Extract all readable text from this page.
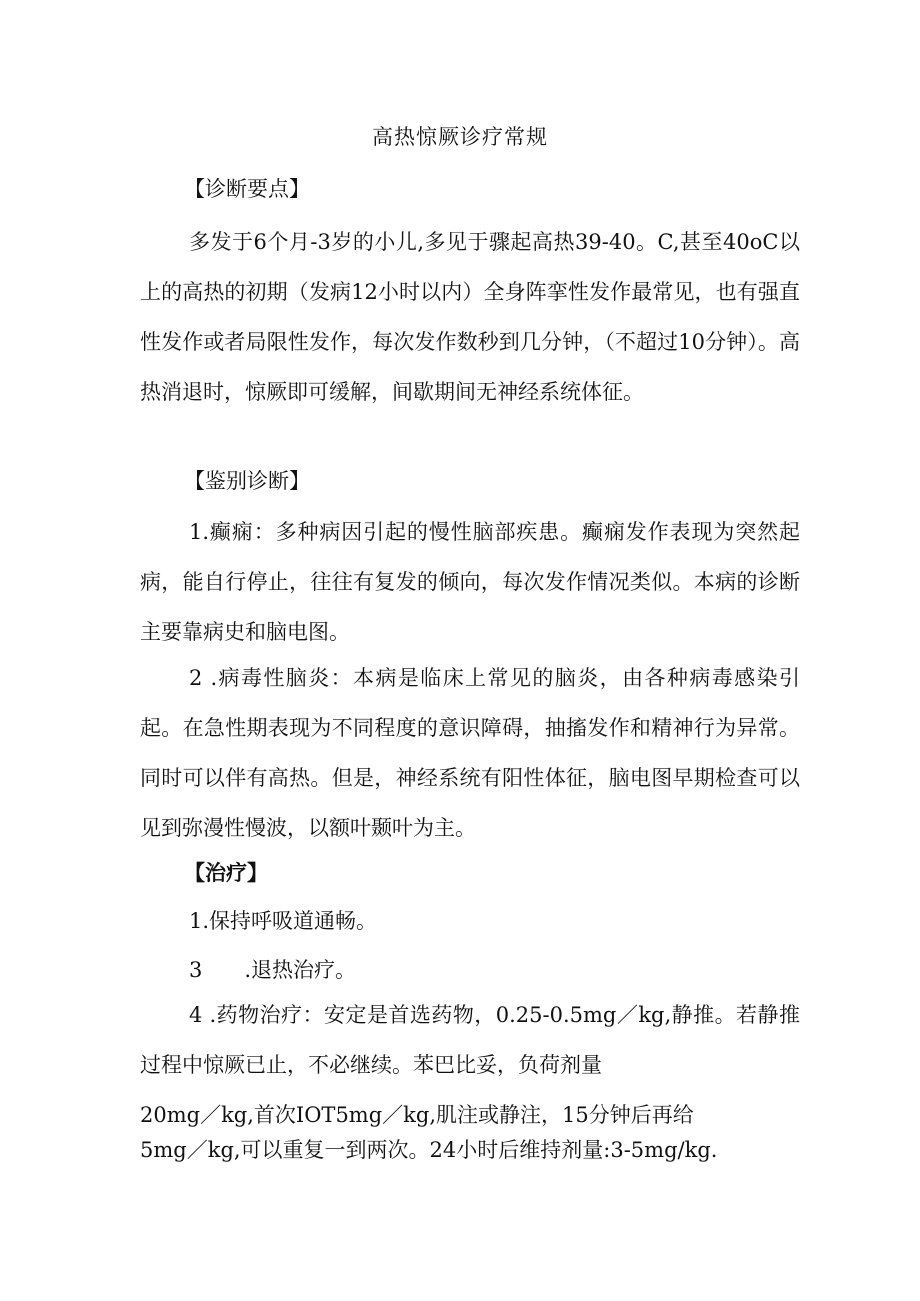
高热惊厥诊疗常规
【诊断要点】
多发于6个月-3岁的小儿,多见于骤起高热39-40。C,甚至40oC以上的高热的初期（发病12小时以内）全身阵挛性发作最常见，也有强直性发作或者局限性发作，每次发作数秒到几分钟，（不超过10分钟）。高热消退时，惊厥即可缓解，间歇期间无神经系统体征。
【鉴别诊断】
1.癫痫：多种病因引起的慢性脑部疾患。癫痫发作表现为突然起病，能自行停止，往往有复发的倾向，每次发作情况类似。本病的诊断主要靠病史和脑电图。
2 .病毒性脑炎：本病是临床上常见的脑炎，由各种病毒感染引起。在急性期表现为不同程度的意识障碍，抽搐发作和精神行为异常。同时可以伴有高热。但是，神经系统有阳性体征，脑电图早期检查可以见到弥漫性慢波，以额叶颞叶为主。
【治疗】
1.保持呼吸道通畅。
3  .退热治疗。
4 .药物治疗：安定是首选药物，0.25-0.5mg／kg,静推。若静推过程中惊厥已止，不必继续。苯巴比妥，负荷剂量
20mg／kg,首次IOT5mg／kg,肌注或静注，15分钟后再给
5mg／kg,可以重复一到两次。24小时后维持剂量:3-5mg/kg.
